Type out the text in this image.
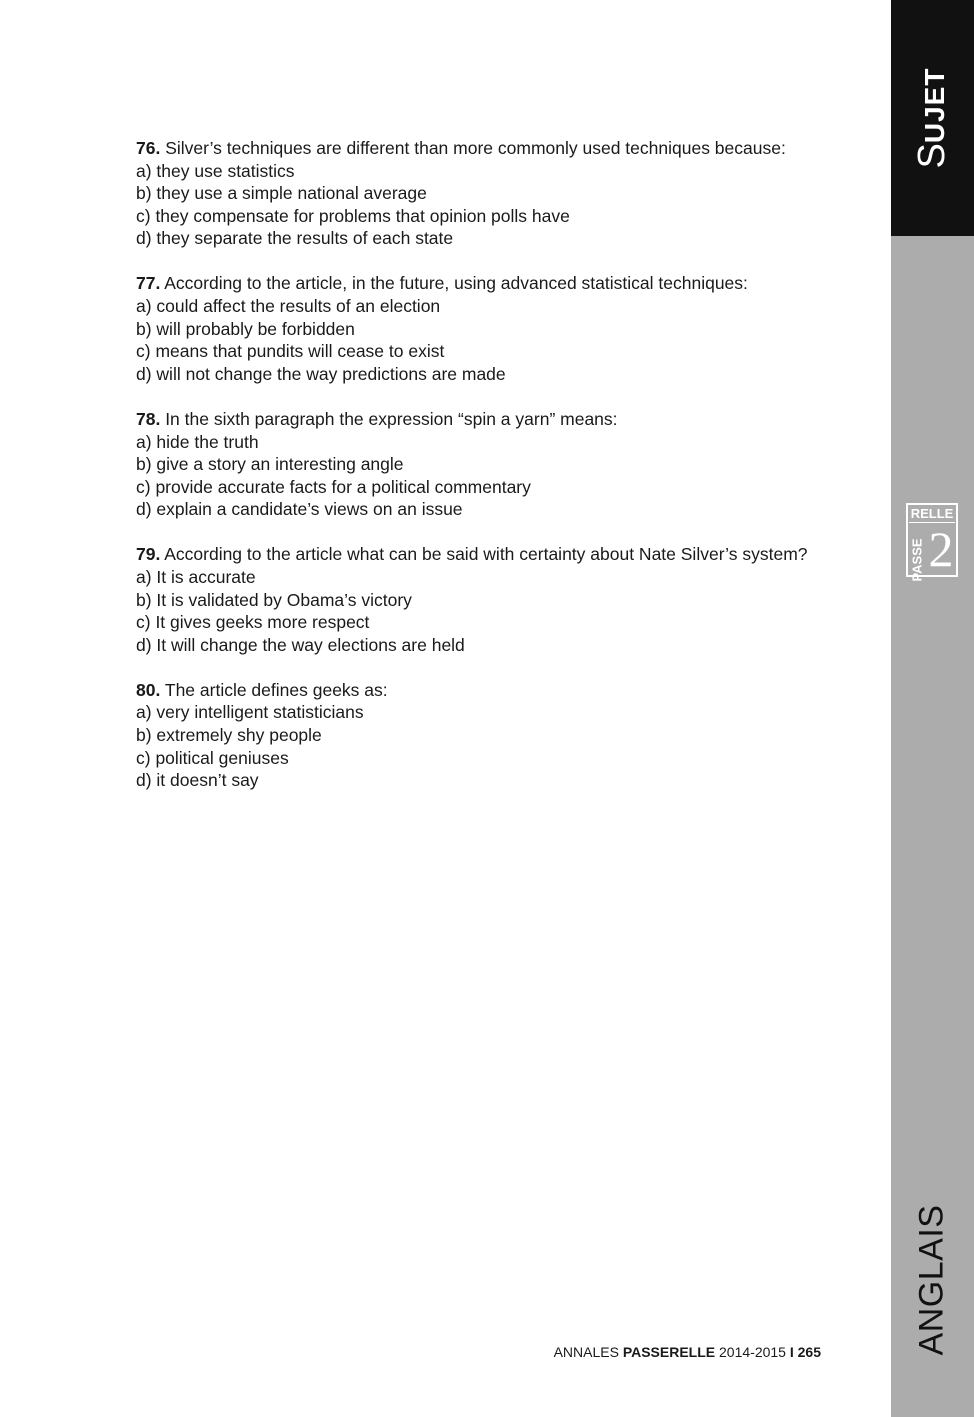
SUJET
RELLE
PASSE 2
ANGLAIS
76. Silver’s techniques are different than more commonly used techniques because:
a) they use statistics
b) they use a simple national average
c) they compensate for problems that opinion polls have
d) they separate the results of each state
77. According to the article, in the future, using advanced statistical techniques:
a) could affect the results of an election
b) will probably be forbidden
c) means that pundits will cease to exist
d) will not change the way predictions are made
78. In the sixth paragraph the expression “spin a yarn” means:
a) hide the truth
b) give a story an interesting angle
c) provide accurate facts for a political commentary
d) explain a candidate’s views on an issue
79. According to the article what can be said with certainty about Nate Silver’s system?
a) It is accurate
b) It is validated by Obama’s victory
c) It gives geeks more respect
d) It will change the way elections are held
80. The article defines geeks as:
a) very intelligent statisticians
b) extremely shy people
c) political geniuses
d) it doesn’t say
ANNALES PASSERELLE 2014-2015 I 265
